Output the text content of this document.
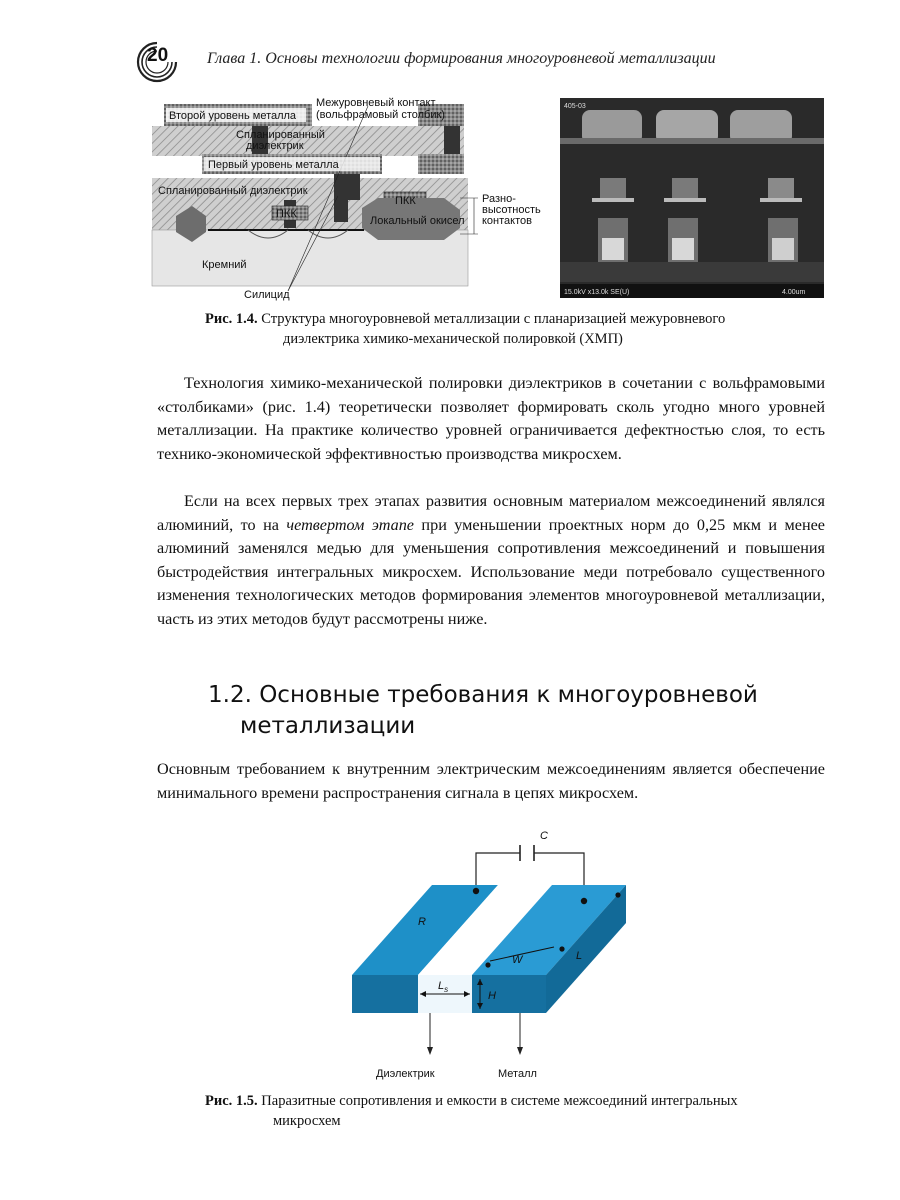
20 Глава 1. Основы технологии формирования многоуровневой металлизации
Второй уровень металла
Межуровневый контакт
(вольфрамовый столбик)
Спланированный
диэлектрик
Первый уровень металла
Спланированный диэлектрик
ПКК
ПКК
Локальный окисел
Разно-
высотность
контактов
Кремний
Силицид
405-03
15.0kV x13.0k SE(U)	4.00um
Рис. 1.4. Структура многоуровневой металлизации с планаризацией межуровневого
диэлектрика химико-механической полировкой (ХМП)
Технология химико-механической полировки диэлектриков в сочетании с вольфрамовыми «столбиками» (рис. 1.4) теоретически позволяет формировать сколь угодно много уровней металлизации. На практике количество уровней ограничивается дефектностью слоя, то есть технико-экономической эффективностью производства микросхем.
Если на всех первых трех этапах развития основным материалом межсоединений являлся алюминий, то на четвертом этапе при уменьшении проектных норм до 0,25 мкм и менее алюминий заменялся медью для уменьшения сопротивления межсоединений и повышения быстродействия интегральных микросхем. Использование меди потребовало существенного изменения технологических методов формирования элементов многоуровневой металлизации, часть из этих методов будут рассмотрены ниже.
1.2. Основные требования к многоуровневой
металлизации
Основным требованием к внутренним электрическим межсоединениям является обеспечение минимального времени распространения сигнала в цепях микросхем.
C
R
W	L
$L_s$
H
Диэлектрик	Металл
Рис. 1.5. Паразитные сопротивления и емкости в системе межсоединий интегральных
микросхем
